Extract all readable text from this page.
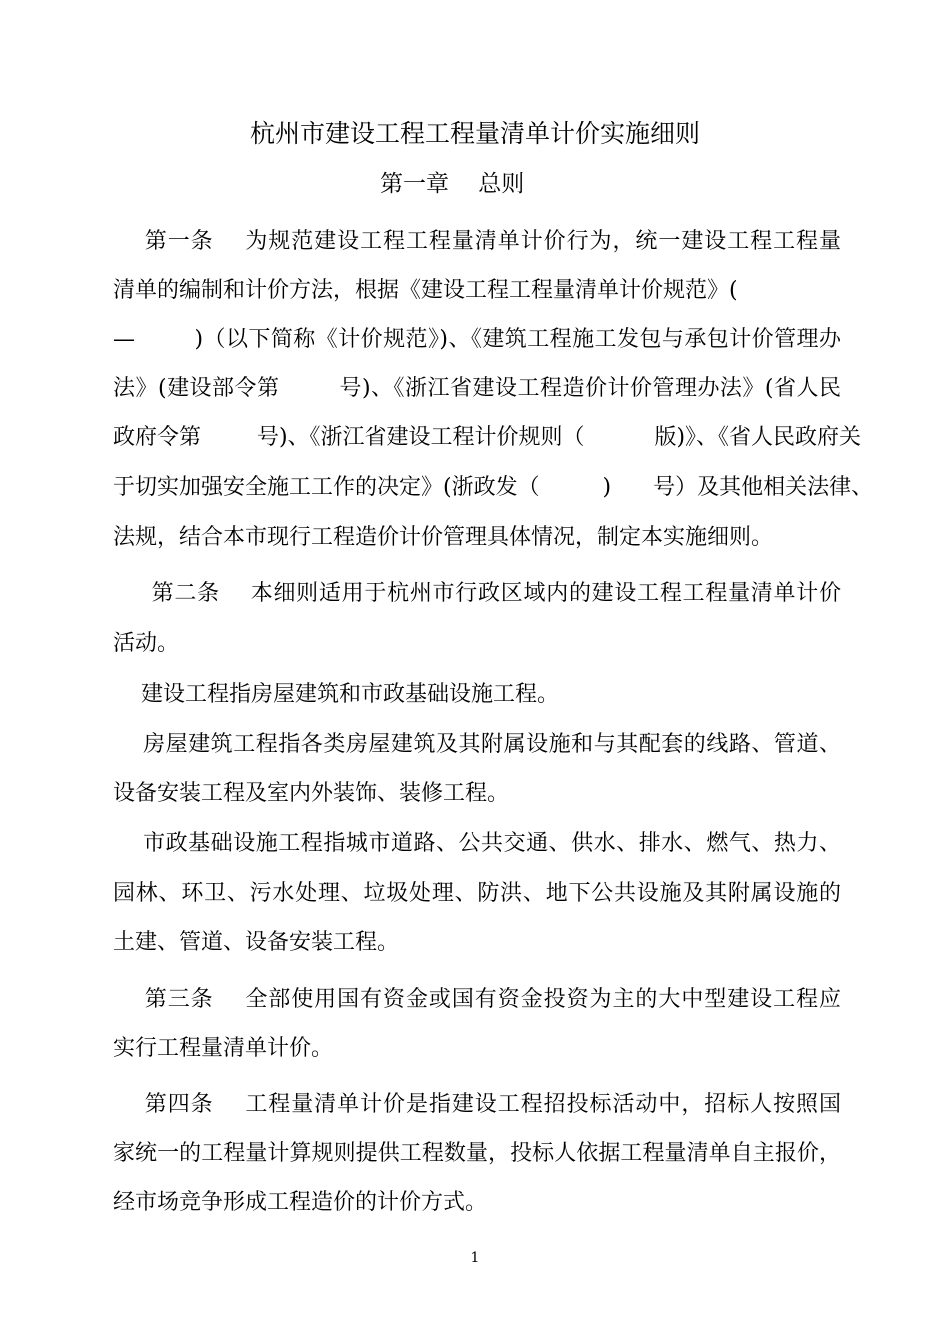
杭州市建设工程工程量清单计价实施细则
第一章    总则
第一条    为规范建设工程工程量清单计价行为，统一建设工程工程量
清单的编制和计价方法，根据《建设工程工程量清单计价规范》(
—        )（以下简称《计价规范》)、《建筑工程施工发包与承包计价管理办
法》(建设部令第        号)、《浙江省建设工程造价计价管理办法》(省人民
政府令第        号)、《浙江省建设工程计价规则（          版)》、《省人民政府关
于切实加强安全施工工作的决定》(浙政发（         )      号）及其他相关法律、
法规，结合本市现行工程造价计价管理具体情况，制定本实施细则。
第二条    本细则适用于杭州市行政区域内的建设工程工程量清单计价
活动。
建设工程指房屋建筑和市政基础设施工程。
房屋建筑工程指各类房屋建筑及其附属设施和与其配套的线路、管道、
设备安装工程及室内外装饰、装修工程。
市政基础设施工程指城市道路、公共交通、供水、排水、燃气、热力、
园林、环卫、污水处理、垃圾处理、防洪、地下公共设施及其附属设施的
土建、管道、设备安装工程。
第三条    全部使用国有资金或国有资金投资为主的大中型建设工程应
实行工程量清单计价。
第四条    工程量清单计价是指建设工程招投标活动中，招标人按照国
家统一的工程量计算规则提供工程数量，投标人依据工程量清单自主报价，
经市场竞争形成工程造价的计价方式。
1
